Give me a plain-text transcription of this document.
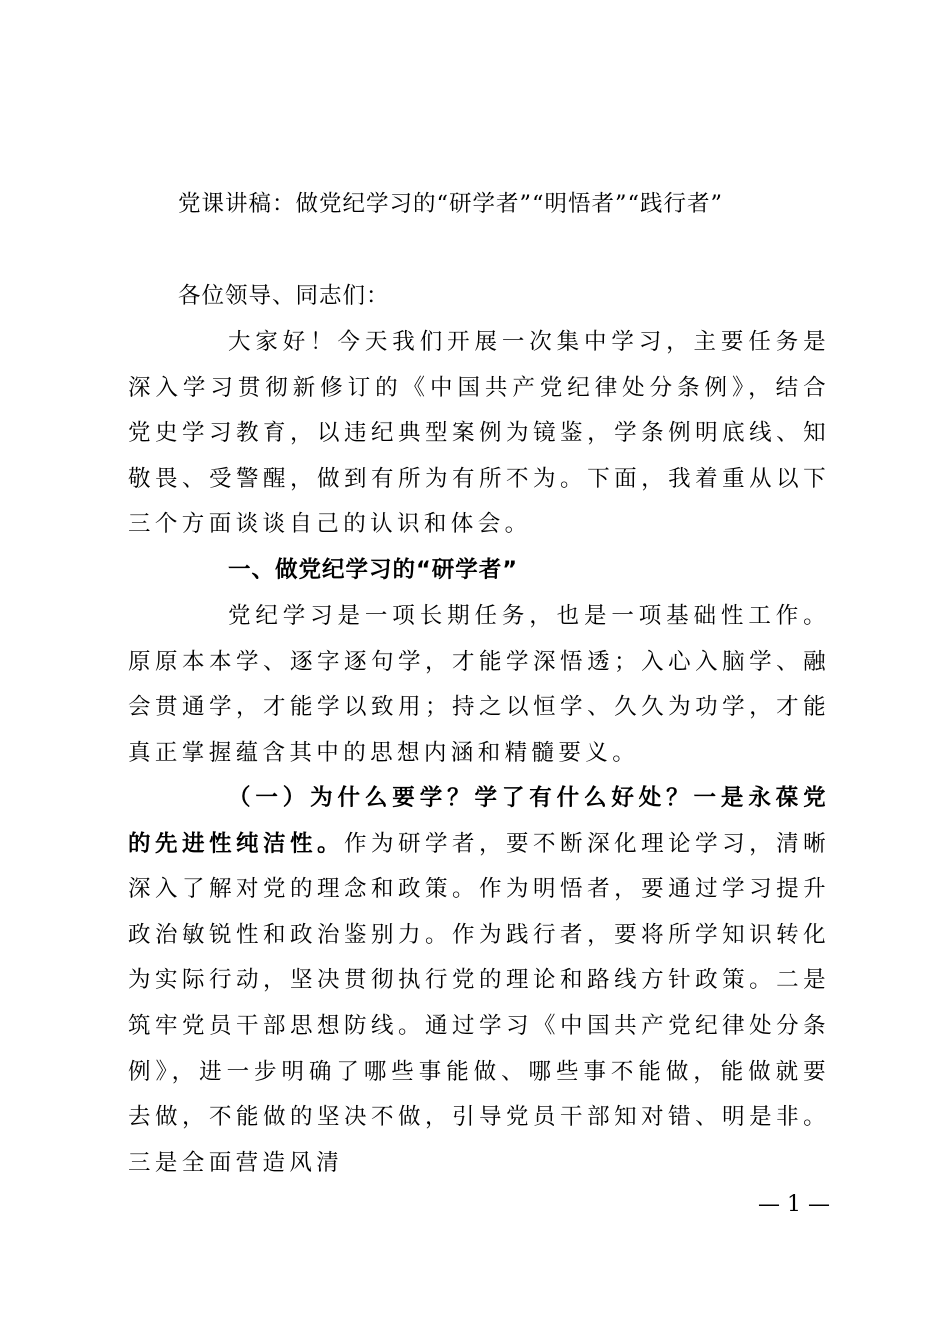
党课讲稿：做党纪学习的“研学者”“明悟者”“践行者”

各位领导、同志们：

大家好！今天我们开展一次集中学习，主要任务是深入学习贯彻新修订的《中国共产党纪律处分条例》，结合党史学习教育，以违纪典型案例为镜鉴，学条例明底线、知敬畏、受警醒，做到有所为有所不为。下面，我着重从以下三个方面谈谈自己的认识和体会。

一、做党纪学习的“研学者”

党纪学习是一项长期任务，也是一项基础性工作。原原本本学、逐字逐句学，才能学深悟透；入心入脑学、融会贯通学，才能学以致用；持之以恒学、久久为功学，才能真正掌握蕴含其中的思想内涵和精髓要义。

（一）为什么要学？学了有什么好处？一是永葆党的先进性纯洁性。作为研学者，要不断深化理论学习，清晰深入了解对党的理念和政策。作为明悟者，要通过学习提升政治敏锐性和政治鉴别力。作为践行者，要将所学知识转化为实际行动，坚决贯彻执行党的理论和路线方针政策。二是筑牢党员干部思想防线。通过学习《中国共产党纪律处分条例》，进一步明确了哪些事能做、哪些事不能做，能做就要去做，不能做的坚决不做，引导党员干部知对错、明是非。三是全面营造风清

— 1 —
